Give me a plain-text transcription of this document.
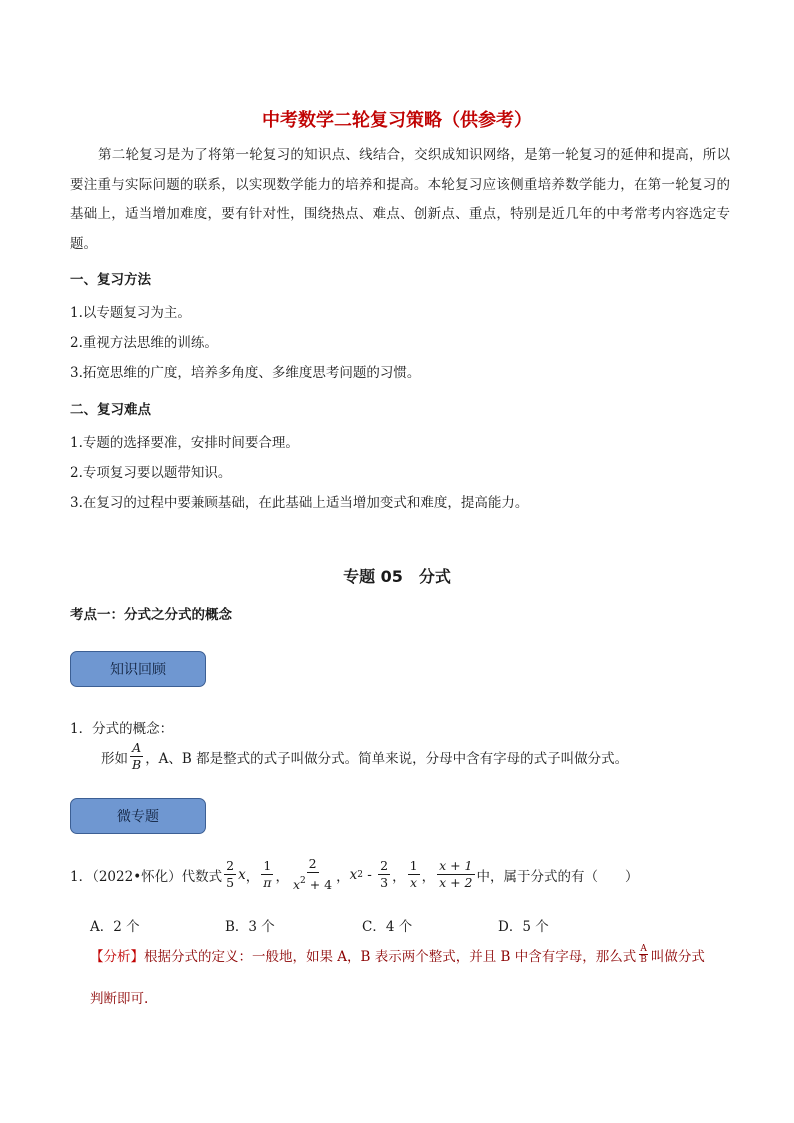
中考数学二轮复习策略（供参考）
第二轮复习是为了将第一轮复习的知识点、线结合，交织成知识网络，是第一轮复习的延伸和提高，所以要注重与实际问题的联系，以实现数学能力的培养和提高。本轮复习应该侧重培养数学能力，在第一轮复习的基础上，适当增加难度，要有针对性，围绕热点、难点、创新点、重点，特别是近几年的中考常考内容选定专题。
一、复习方法
1.以专题复习为主。
2.重视方法思维的训练。
3.拓宽思维的广度，培养多角度、多维度思考问题的习惯。
二、复习难点
1.专题的选择要准，安排时间要合理。
2.专项复习要以题带知识。
3.在复习的过程中要兼顾基础，在此基础上适当增加变式和难度，提高能力。
专题 05　分式
考点一：分式之分式的概念
知识回顾
1．分式的概念：
形如 $\frac{A}{B}$ ，A、B 都是整式的式子叫做分式。简单来说，分母中含有字母的式子叫做分式。
微专题
1．（2022•怀化）代数式 $\frac{2}{5}$ x ， $\frac{1}{\pi}$ ， $\frac{2}{x^2 + 4}$ ， x $2 - \frac{2}{3}$ ， $\frac{1}{x}$ ， $\frac{x + 1}{x + 2}$ 中，属于分式的有（　　）
A．2 个	B．3 个	C．4 个	D．5 个
【分析】 根据分式的定义：一般地，如果 A，B 表示两个整式，并且 B 中含有字母，那么式 $\frac{A}{B}$ 叫做分式
判断即可.
